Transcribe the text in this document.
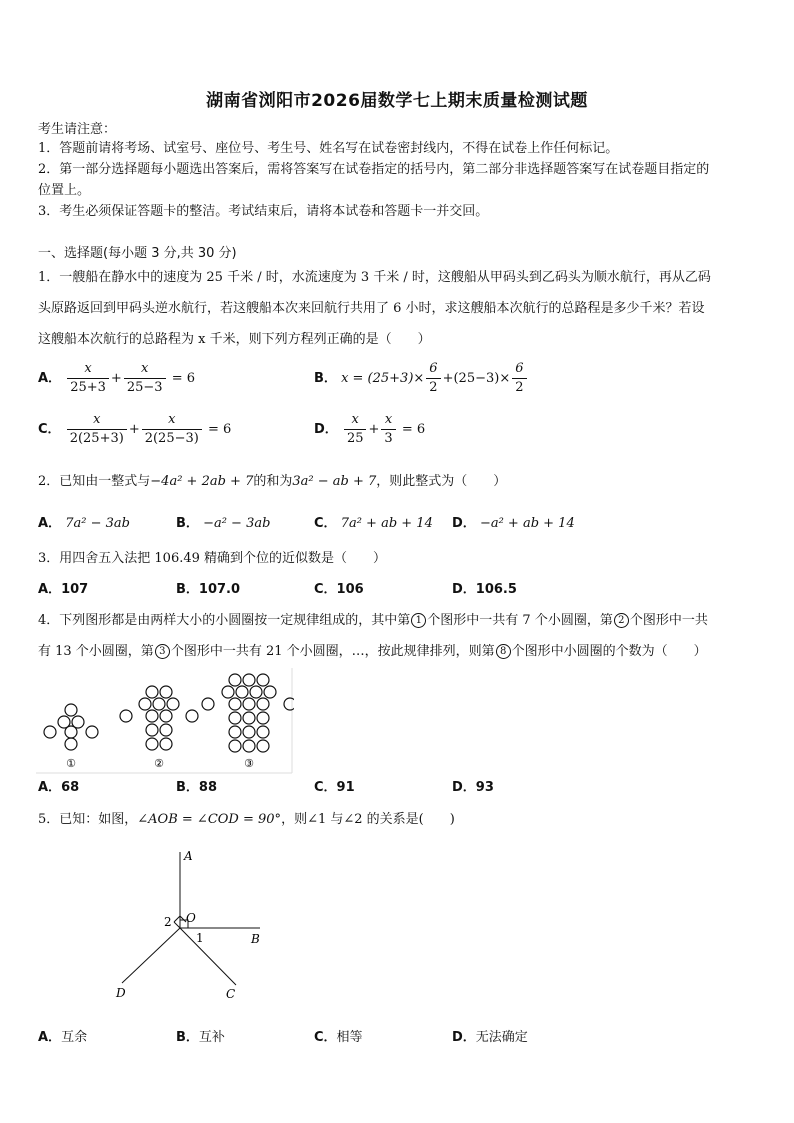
湖南省浏阳市2026届数学七上期末质量检测试题
考生请注意：
1．答题前请将考场、试室号、座位号、考生号、姓名写在试卷密封线内，不得在试卷上作任何标记。
2．第一部分选择题每小题选出答案后，需将答案写在试卷指定的括号内，第二部分非选择题答案写在试卷题目指定的
位置上。
3．考生必须保证答题卡的整洁。考试结束后，请将本试卷和答题卡一并交回。
一、选择题(每小题 3 分,共 30 分)
1．一艘船在静水中的速度为 25 千米 / 时，水流速度为 3 千米 / 时，这艘船从甲码头到乙码头为顺水航行，再从乙码
头原路返回到甲码头逆水航行，若这艘船本次来回航行共用了 6 小时，求这艘船本次航行的总路程是多少千米？若设
这艘船本次航行的总路程为 x 千米，则下列方程列正确的是（　　）
A． $\frac{x}{25+3} + \frac{x}{25-3} = 6$	B． $x = (25+3)\times \frac{6}{2} +(25-3)\times \frac{6}{2}$
C． $\frac{x}{2(25+3)} + \frac{x}{2(25-3)} = 6$	D． $\frac{x}{25} + \frac{x}{3} = 6$
2．已知由一整式与−4a² + 2ab + 7的和为3a² − ab + 7，则此整式为（　　）
A． 7a² − 3ab	B． −a² − 3ab	C． 7a² + ab + 14 D． −a² + ab + 14
3．用四舍五入法把 106.49 精确到个位的近似数是（　　）
A．107	B．107.0	C．106	D．106.5
4．下列图形都是由两样大小的小圆圈按一定规律组成的，其中第 1 个图形中一共有 7 个小圆圈，第 2 个图形中一共
有 13 个小圆圈，第 3 个图形中一共有 21 个小圆圈，…，按此规律排列，则第 8 个图形中小圆圈的个数为（　　）
①	②	③
A．68	B．88	C．91	D．93
5．已知：如图，∠AOB = ∠COD = 90°，则∠1 与∠2 的关系是(　　)
A
B
C
D
O
1
2
A．互余	B．互补	C．相等	D．无法确定
